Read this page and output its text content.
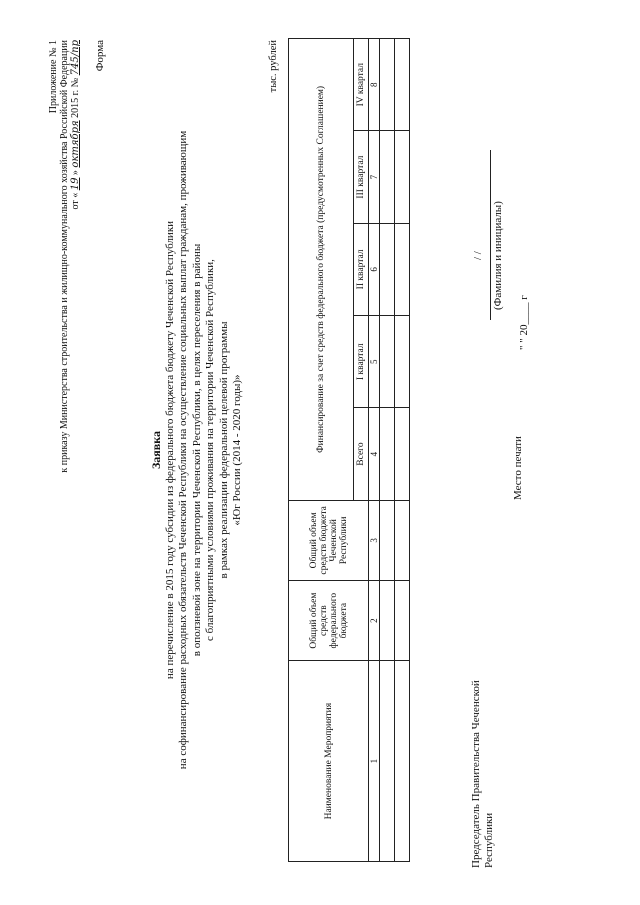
Приложение № 1 к приказу Министерства строительства и жилищно-коммунального хозяйства Российской Федерации от « 19 » октября 2015 г. № 745/пр Форма
Заявка на перечисление в 2015 году субсидии из федерального бюджета бюджету Чеченской Республики на софинансирование расходных обязательств Чеченской Республики на осуществление социальных выплат гражданам, проживающим в оползневой зоне на территории Чеченской Республики, в целях переселения в районы с благоприятными условиями проживания на территории Чеченской Республики, в рамках реализации федеральной целевой программы «Юг России (2014 - 2020 годы)»
тыс. рублей
Наименование Мероприятия	Общий объем средств федерального бюджета	Общий объем средств бюджета Чеченской Республики	Финансирование за счет средств федерального бюджета (предусмотренных Соглашением)				
			Всего	I квартал	II квартал	III квартал	IV квартал
1	2	3	4	5	6	7	8

Председатель Правительства Чеченской Республики
Место печати
/ / (Фамилия и инициалы)
" " 20____ г
